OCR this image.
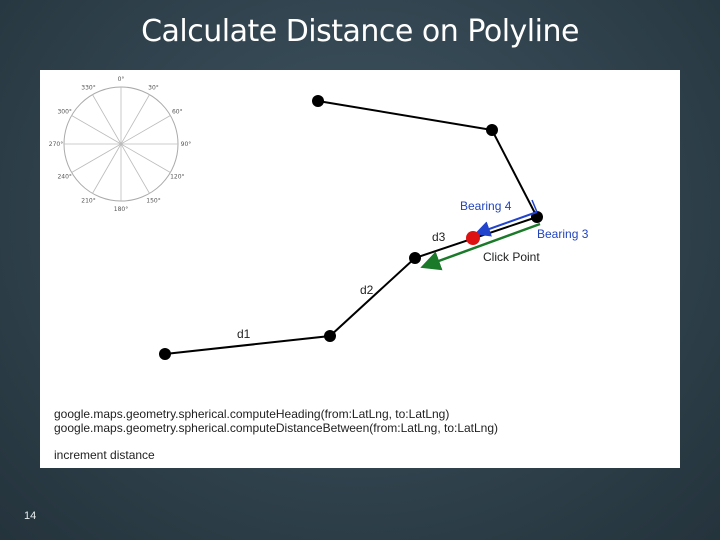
Calculate Distance on Polyline
0°
30°
60°
90°
120°
150°
180°
210°
240°
270°
300°
330°
Bearing 4
Bearing 3
d3
Click Point
d2
d1
google.maps.geometry.spherical.computeHeading(from:LatLng, to:LatLng)
google.maps.geometry.spherical.computeDistanceBetween(from:LatLng, to:LatLng)
increment distance
14
